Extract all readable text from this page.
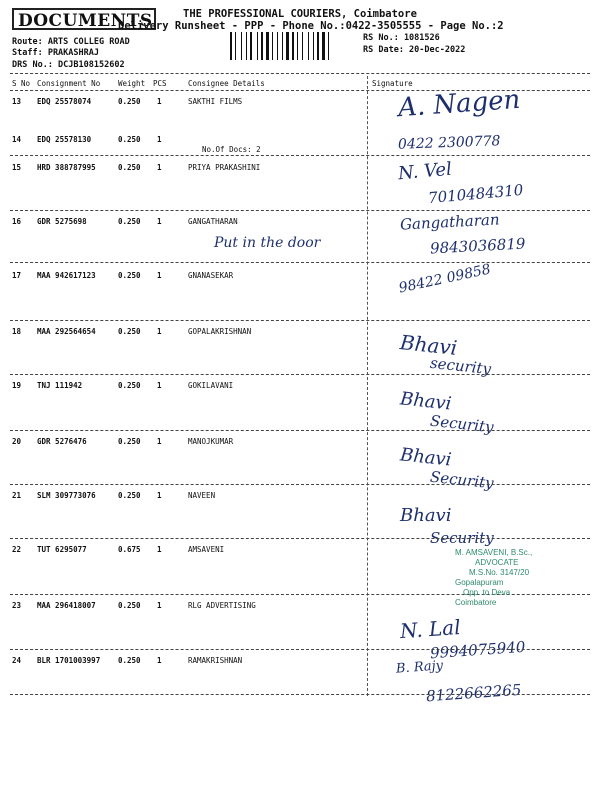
DOCUMENTS	THE PROFESSIONAL COURIERS, Coimbatore
Delivery Runsheet - PPP - Phone No.:0422-3505555 - Page No.:2
Route: ARTS COLLEG ROAD
Staff: PRAKASHRAJ
DRS No.: DCJB108152602
RS No.: 1081526
RS Date: 20-Dec-2022
S No Consignment No Weight PCS	Consignee Details	Signature
13 EDQ 25578074	0.250 1	SAKTHI FILMS	A. Nagen
14 EDQ 25578130	0.250 1
No.Of Docs: 2	0422 2300778
15 HRD 388787995	0.250 1	PRIYA PRAKASHINI	N. Vel
7010484310
16 GDR 5275698	0.250 1	GANGATHARAN
Put in the door
Gangatharan
9843036819
17 MAA 942617123	0.250 1	GNANASEKAR	98422 09858
18 MAA 292564654	0.250 1	GOPALAKRISHNAN	Bhavi
security
19 TNJ 111942	0.250 1	GOKILAVANI
Bhavi
Security
20 GDR 5276476	0.250 1	MANOJKUMAR
Bhavi
Security
21 SLM 309773076	0.250 1	NAVEEN
Bhavi
Security
22 TUT 6295077	0.675 1	AMSAVENI
23 MAA 296418007	0.250 1	RLG ADVERTISING
N. Lal
9994075940
24 BLR 1701003997 0.250 1	RAMAKRISHNAN	B. Rajy
8122662265
M. AMSAVENI, B.Sc.,
ADVOCATE
M.S.No. 3147/20
Gopalapuram
Opp. to Deva
Coimbatore
